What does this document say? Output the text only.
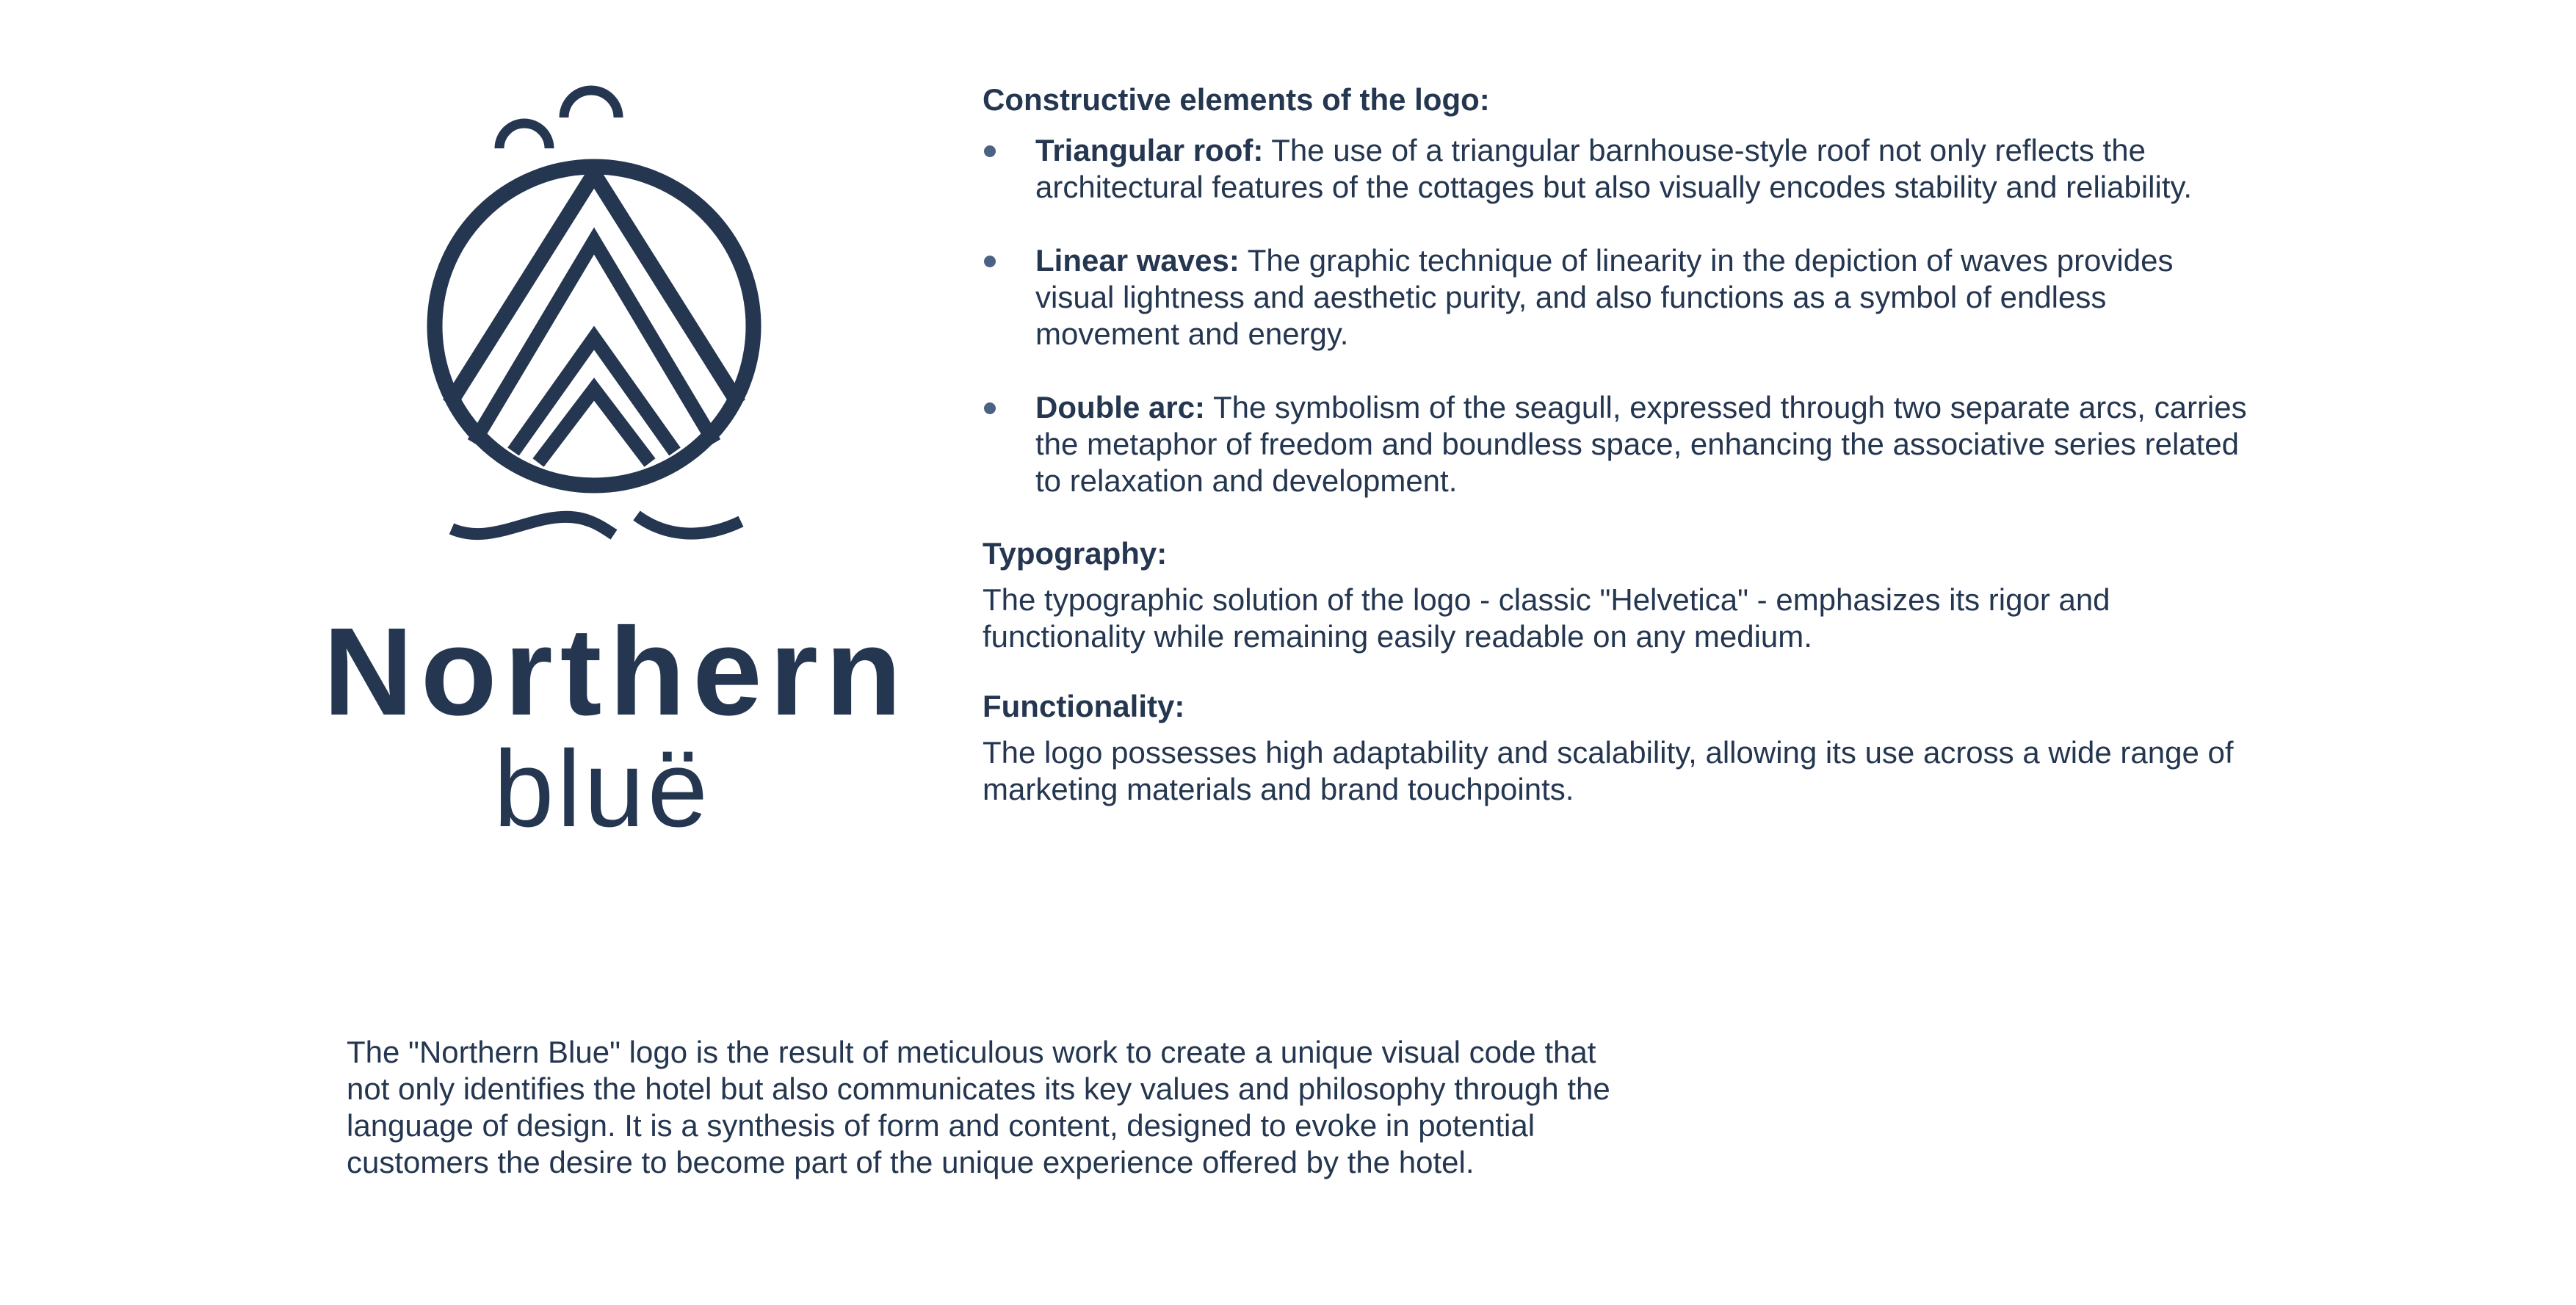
Northern
bluë
Constructive elements of the logo:
Triangular roof: The use of a triangular barnhouse-style roof not only reflects the architectural features of the cottages but also visually encodes stability and reliability.
Linear waves: The graphic technique of linearity in the depiction of waves provides visual lightness and aesthetic purity, and also functions as a symbol of endless movement and energy.
Double arc: The symbolism of the seagull, expressed through two separate arcs, carries the metaphor of freedom and boundless space, enhancing the associative series related to relaxation and development.
Typography:

The typographic solution of the logo - classic "Helvetica" - emphasizes its rigor and functionality while remaining easily readable on any medium.

Functionality:

The logo possesses high adaptability and scalability, allowing its use across a wide range of marketing materials and brand touchpoints.

The "Northern Blue" logo is the result of meticulous work to create a unique visual code that not only identifies the hotel but also communicates its key values and philosophy through the language of design. It is a synthesis of form and content, designed to evoke in potential customers the desire to become part of the unique experience offered by the hotel.
